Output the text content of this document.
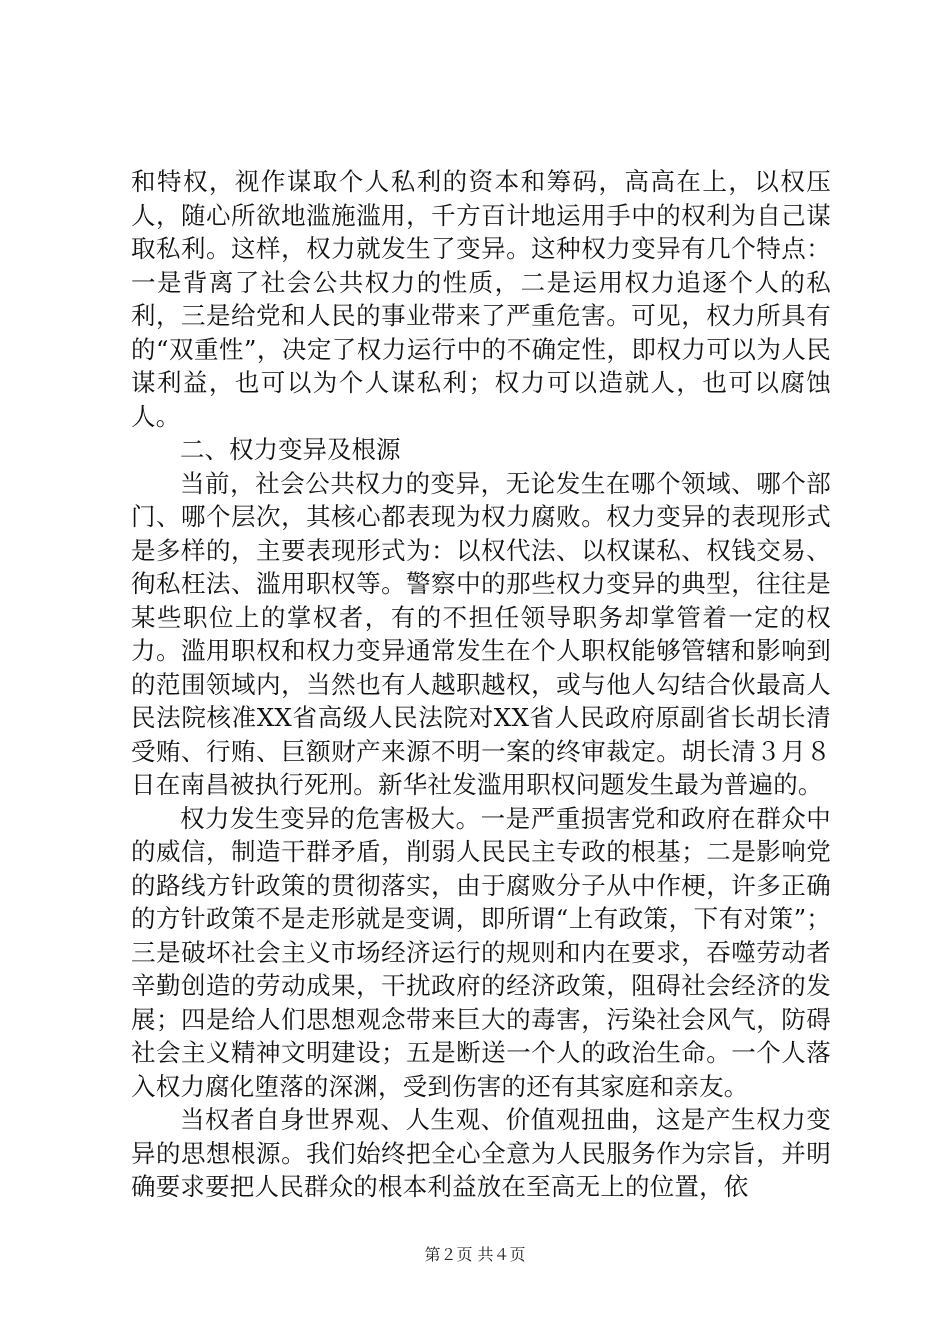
和特权，视作谋取个人私利的资本和筹码，高高在上，以权压人，随心所欲地滥施滥用，千方百计地运用手中的权利为自己谋取私利。这样，权力就发生了变异。这种权力变异有几个特点：一是背离了社会公共权力的性质，二是运用权力追逐个人的私利，三是给党和人民的事业带来了严重危害。可见，权力所具有的“双重性”，决定了权力运行中的不确定性，即权力可以为人民谋利益，也可以为个人谋私利；权力可以造就人，也可以腐蚀人。

二、权力变异及根源

当前，社会公共权力的变异，无论发生在哪个领域、哪个部门、哪个层次，其核心都表现为权力腐败。权力变异的表现形式是多样的，主要表现形式为：以权代法、以权谋私、权钱交易、徇私枉法、滥用职权等。警察中的那些权力变异的典型，往往是某些职位上的掌权者，有的不担任领导职务却掌管着一定的权力。滥用职权和权力变异通常发生在个人职权能够管辖和影响到的范围领域内，当然也有人越职越权，或与他人勾结合伙最高人民法院核准XX省高级人民法院对XX省人民政府原副省长胡长清受贿、行贿、巨额财产来源不明一案的终审裁定。胡长清３月８日在南昌被执行死刑。新华社发滥用职权问题发生最为普遍的。

权力发生变异的危害极大。一是严重损害党和政府在群众中的威信，制造干群矛盾，削弱人民民主专政的根基；二是影响党的路线方针政策的贯彻落实，由于腐败分子从中作梗，许多正确的方针政策不是走形就是变调，即所谓“上有政策，下有对策”；三是破坏社会主义市场经济运行的规则和内在要求，吞噬劳动者辛勤创造的劳动成果，干扰政府的经济政策，阻碍社会经济的发展；四是给人们思想观念带来巨大的毒害，污染社会风气，防碍社会主义精神文明建设；五是断送一个人的政治生命。一个人落入权力腐化堕落的深渊，受到伤害的还有其家庭和亲友。

当权者自身世界观、人生观、价值观扭曲，这是产生权力变异的思想根源。我们始终把全心全意为人民服务作为宗旨，并明确要求要把人民群众的根本利益放在至高无上的位置，依

第２页 共４页
